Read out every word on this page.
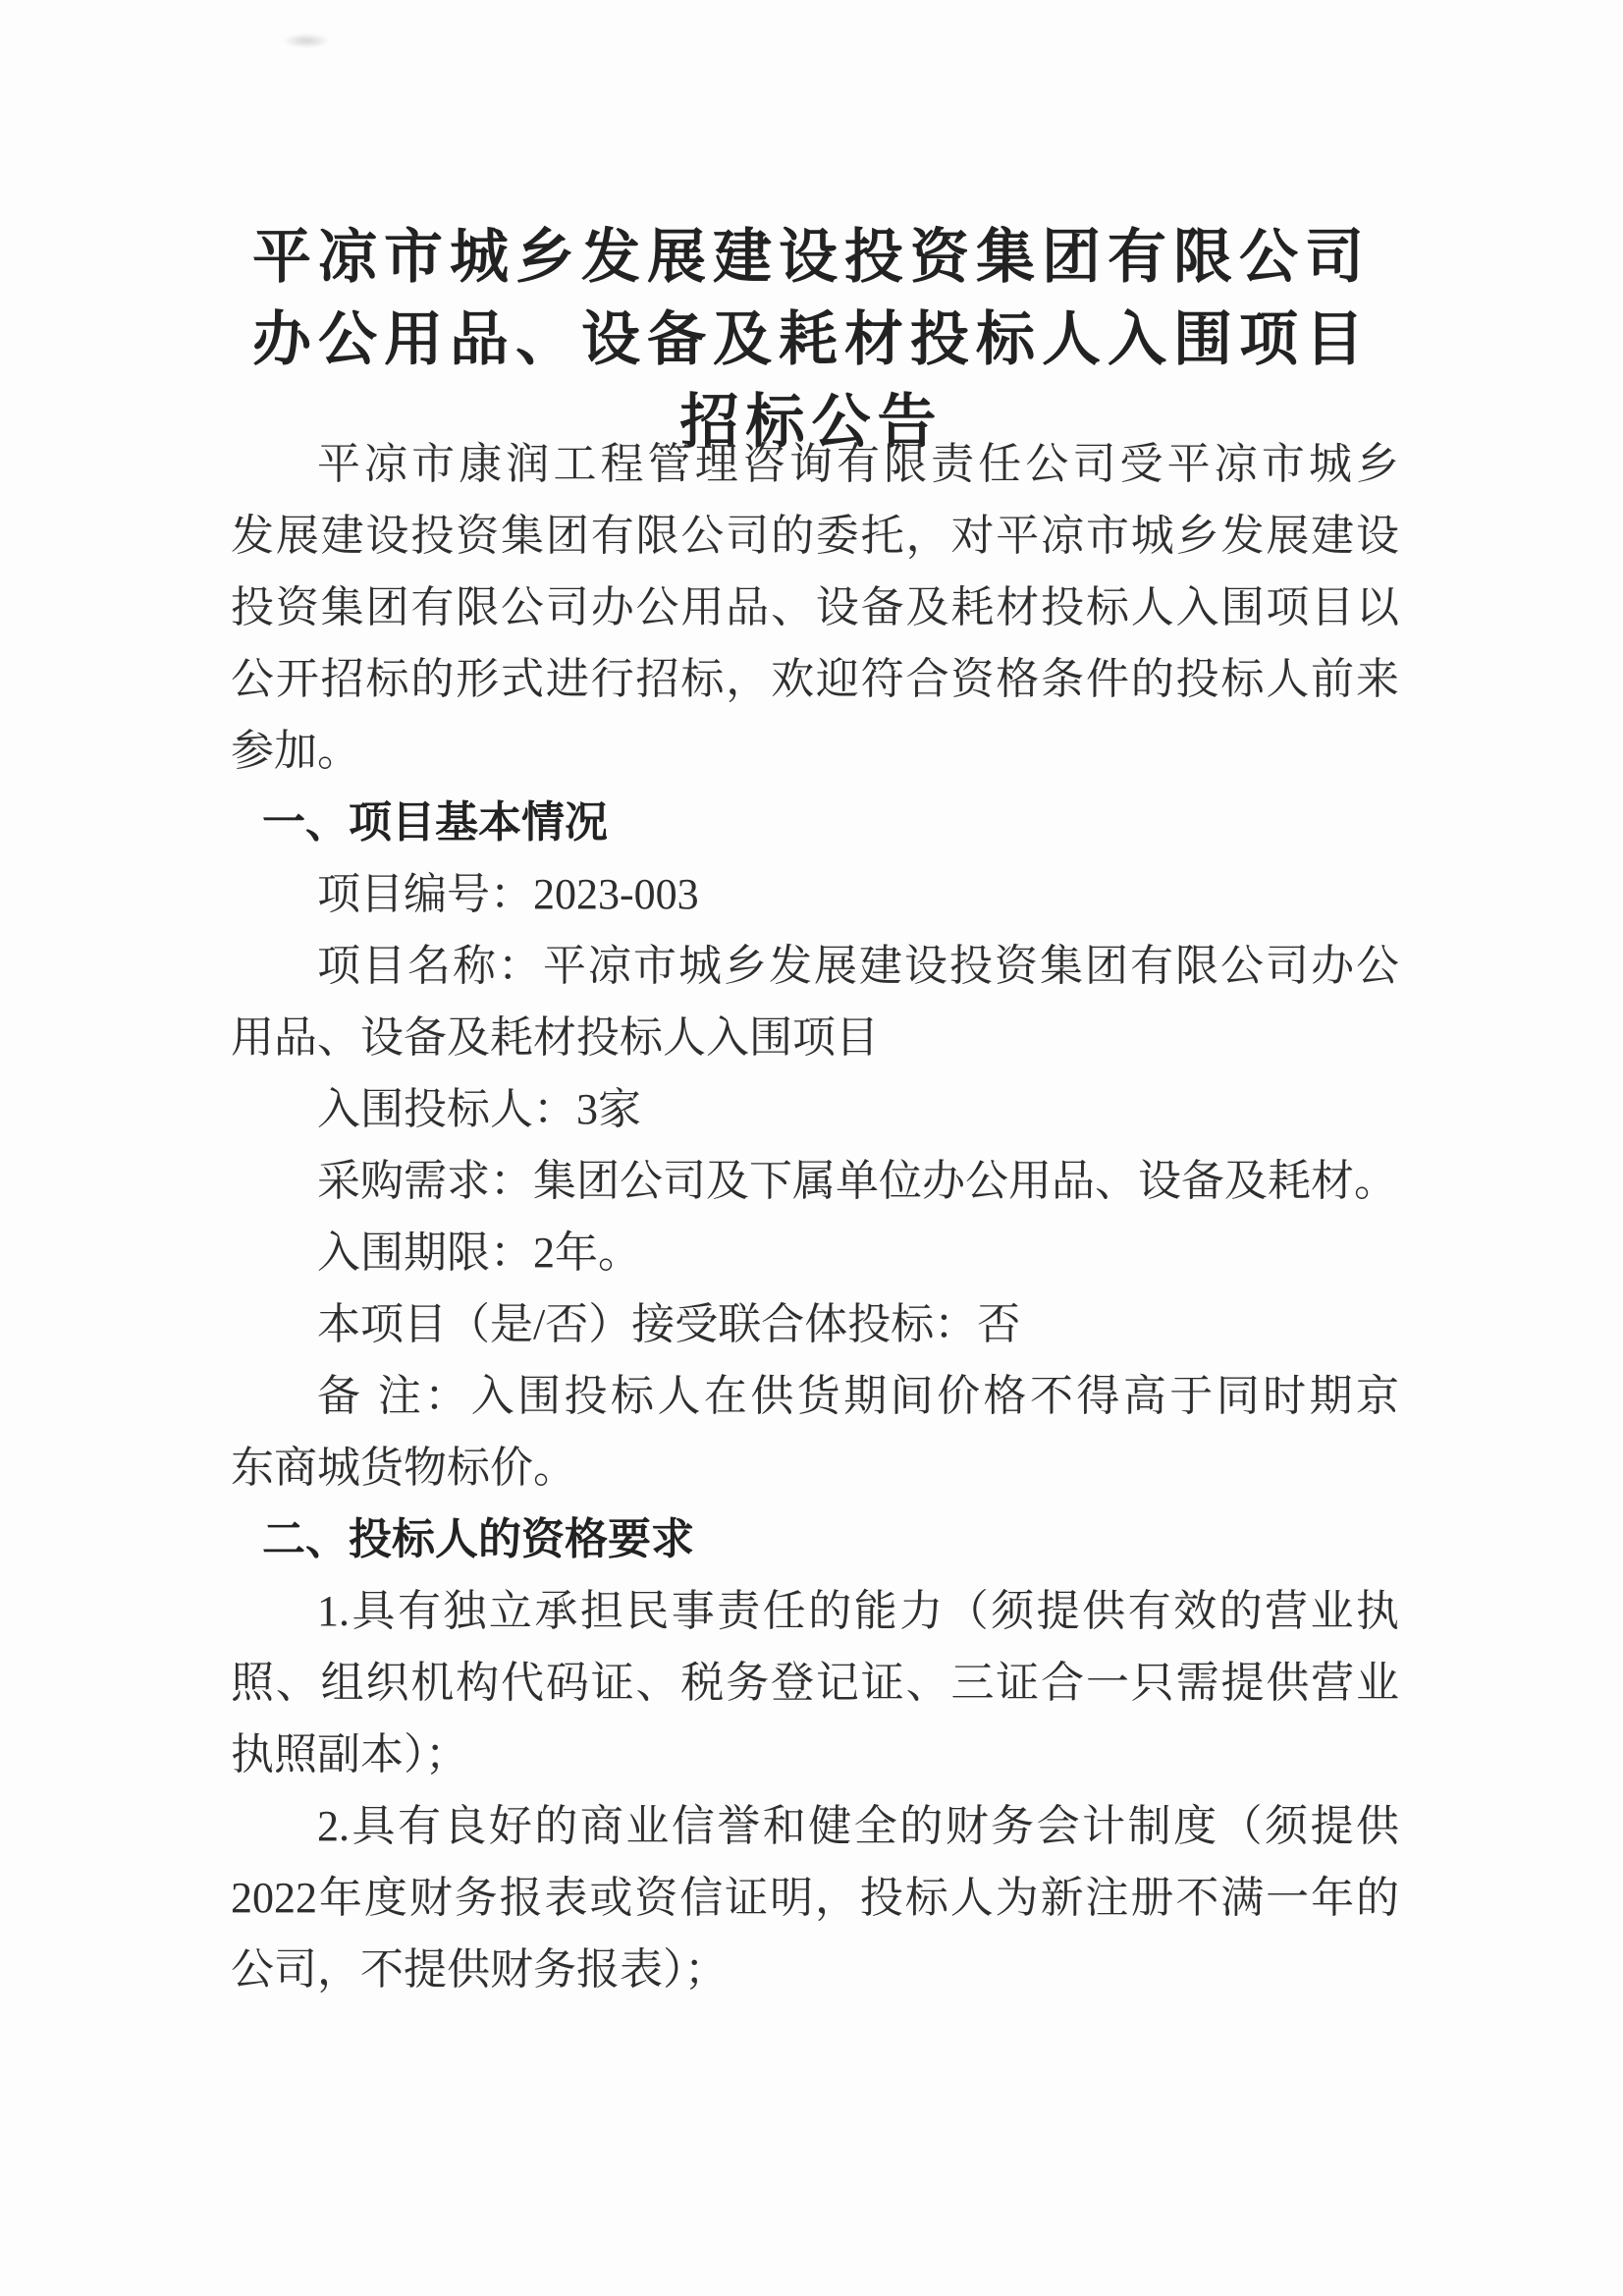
平凉市城乡发展建设投资集团有限公司
办公用品、设备及耗材投标人入围项目
招标公告
平凉市康润工程管理咨询有限责任公司受平凉市城乡
发展建设投资集团有限公司的委托，对平凉市城乡发展建设
投资集团有限公司办公用品、设备及耗材投标人入围项目以
公开招标的形式进行招标，欢迎符合资格条件的投标人前来
参加。
一、项目基本情况
项目编号：2023-003
项目名称：平凉市城乡发展建设投资集团有限公司办公
用品、设备及耗材投标人入围项目
入围投标人：3家
采购需求：集团公司及下属单位办公用品、设备及耗材。
入围期限：2年。
本项目（是/否）接受联合体投标：否
备 注：入围投标人在供货期间价格不得高于同时期京
东商城货物标价。
二、投标人的资格要求
1.具有独立承担民事责任的能力（须提供有效的营业执
照、组织机构代码证、税务登记证、三证合一只需提供营业
执照副本）；
2.具有良好的商业信誉和健全的财务会计制度（须提供
2022年度财务报表或资信证明，投标人为新注册不满一年的
公司，不提供财务报表）；
